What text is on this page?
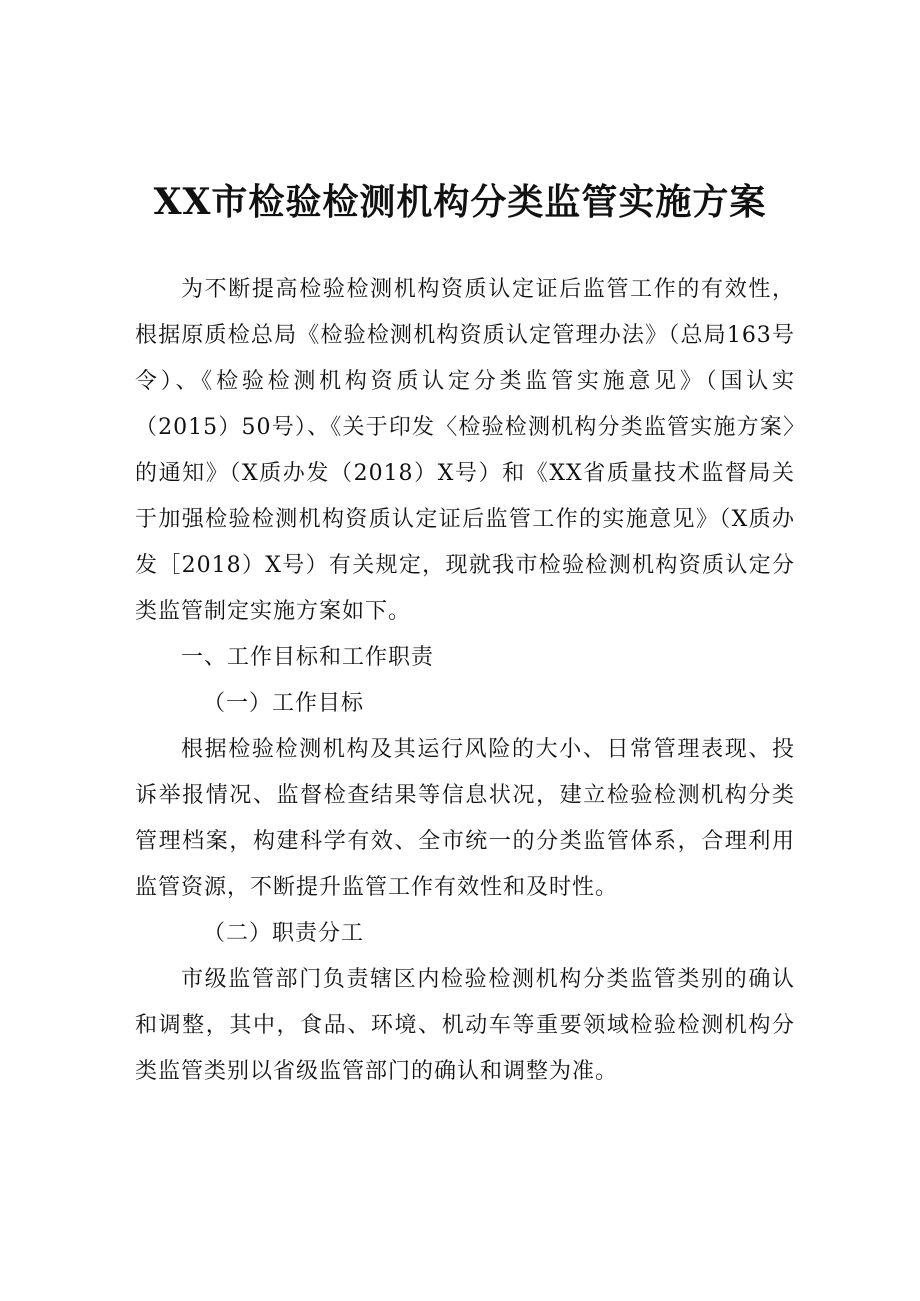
XX市检验检测机构分类监管实施方案

为不断提高检验检测机构资质认定证后监管工作的有效性，根据原质检总局《检验检测机构资质认定管理办法》（总局163号令）、《检验检测机构资质认定分类监管实施意见》（国认实（2015）50号）、《关于印发〈检验检测机构分类监管实施方案〉的通知》（X质办发（2018）X号）和《XX省质量技术监督局关于加强检验检测机构资质认定证后监管工作的实施意见》（X质办发［2018）X号）有关规定，现就我市检验检测机构资质认定分类监管制定实施方案如下。

一、工作目标和工作职责

（一）工作目标

根据检验检测机构及其运行风险的大小、日常管理表现、投诉举报情况、监督检查结果等信息状况，建立检验检测机构分类管理档案，构建科学有效、全市统一的分类监管体系，合理利用监管资源，不断提升监管工作有效性和及时性。

（二）职责分工

市级监管部门负责辖区内检验检测机构分类监管类别的确认和调整，其中，食品、环境、机动车等重要领域检验检测机构分类监管类别以省级监管部门的确认和调整为准。
